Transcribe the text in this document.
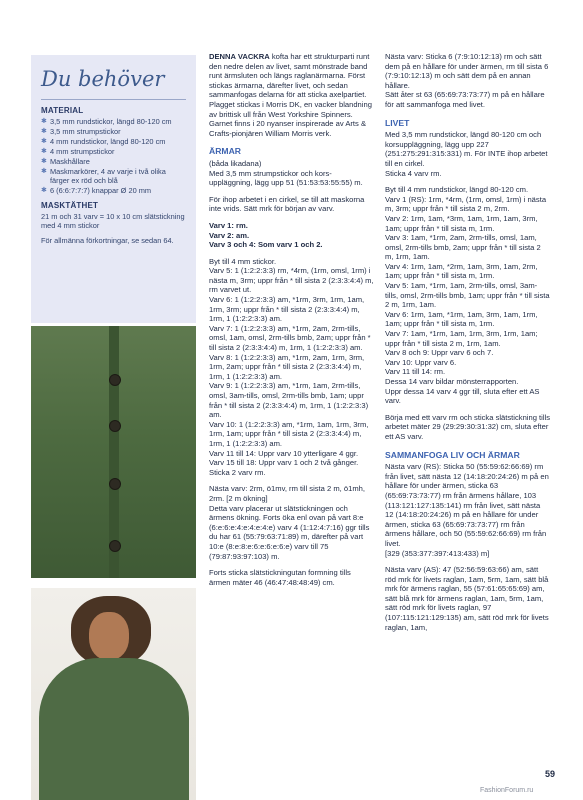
Du behöver
MATERIAL
✱ 3,5 mm rundstickor, längd 80-120 cm
✱ 3,5 mm strumpstickor
✱ 4 mm rundstickor, längd 80-120 cm
✱ 4 mm strumpstickor
✱ Maskhållare
✱ Maskmarkörer, 4 av varje i två olika färger ex röd och blå
✱ 6 (6:6:7:7:7) knappar Ø 20 mm
MASKTÄTHET

21 m och 31 varv = 10 x 10 cm slätstickning med 4 mm stickor

För allmänna förkortningar, se sedan 64.

DENNA VACKRA kofta har ett strukturparti runt den nedre delen av livet, samt mönstrade band runt ärmsluten och längs raglanärmarna. Först stickas ärmarna, därefter livet, och sedan sammanfogas delarna för att sticka axelpartiet. Plagget stickas i Morris DK, en vacker blandning av brittisk ull från West Yorkshire Spinners. Garnet finns i 20 nyanser inspirerade av Arts & Crafts-pionjären William Morris verk.

ÄRMAR

(båda likadana)

Med 3,5 mm strumpstickor och kors-uppläggning, lägg upp 51 (51:53:53:55:55) m.

För ihop arbetet i en cirkel, se till att maskorna inte vrids. Sätt mrk för början av varv.

Varv 1: rm.
Varv 2: am.
Varv 3 och 4: Som varv 1 och 2.

Byt till 4 mm stickor.
Varv 5: 1 (1:2:2:3:3) rm, *4rm, (1rm, omsl, 1rm) i nästa m, 3rm; uppr från * till sista 2 (2:3:3:4:4) m, rm varvet ut.
Varv 6: 1 (1:2:2:3:3) am, *1rm, 3rm, 1rm, 1am, 1rm, 3rm; uppr från * till sista 2 (2:3:3:4:4) m, 1rm, 1 (1:2:2:3:3) am.
Varv 7: 1 (1:2:2:3:3) am, *1rm, 2am, 2rm-tills, omsl, 1am, omsl, 2rm-tills bmb, 2am; uppr från * till sista 2 (2:3:3:4:4) m, 1rm, 1 (1:2:2:3:3) am.
Varv 8: 1 (1:2:2:3:3) am, *1rm, 2am, 1rm, 3rm, 1rm, 2am; uppr från * till sista 2 (2:3:3:4:4) m, 1rm, 1 (1:2:2:3:3) am.
Varv 9: 1 (1:2:2:3:3) am, *1rm, 1am, 2rm-tills, omsl, 3am-tills, omsl, 2rm-tills bmb, 1am; uppr från * till sista 2 (2:3:3:4:4) m, 1rm, 1 (1:2:2:3:3) am.
Varv 10: 1 (1:2:2:3:3) am, *1rm, 1am, 1rm, 3rm, 1rm, 1am; uppr från * till sista 2 (2:3:3:4:4) m, 1rm, 1 (1:2:2:3:3) am.
Varv 11 till 14: Uppr varv 10 ytterligare 4 ggr.
Varv 15 till 18: Uppr varv 1 och 2 två gånger.
Sticka 2 varv rm.

Nästa varv: 2rm, ö1mv, rm till sista 2 m, ö1mh, 2rm. [2 m ökning]
Detta varv placerar ut slätstickningen och ärmens ökning. Forts öka enl ovan på vart 8:e (6:e:6:e:4:e:4:e:4:e) varv 4 (1:12:4:7:16) ggr tills du har 61 (55:79:63:71:89) m, därefter på vart 10:e (8:e:8:e:6:e:6:e:6:e) varv till 75 (79:87:93:97:103) m.

Forts sticka slätstickningutan formning tills ärmen mäter 46 (46:47:48:48:49) cm.

Nästa varv: Sticka 6 (7:9:10:12:13) rm och sätt dem på en hållare för under ärmen, rm till sista 6 (7:9:10:12:13) m och sätt dem på en annan hållare.
Sätt åter st 63 (65:69:73:73:77) m på en hållare för att sammanfoga med livet.

LIVET

Med 3,5 mm rundstickor, längd 80-120 cm och korsuppläggning, lägg upp 227 (251:275:291:315:331) m. För INTE ihop arbetet till en cirkel.
Sticka 4 varv rm.

Byt till 4 mm rundstickor, längd 80-120 cm.
Varv 1 (RS): 1rm, *4rm, (1rm, omsl, 1rm) i nästa m, 3rm; uppr från * till sista 2 m, 2rm.
Varv 2: 1rm, 1am, *3rm, 1am, 1rm, 1am, 3rm, 1am; uppr från * till sista m, 1rm.
Varv 3: 1am, *1rm, 2am, 2rm-tills, omsl, 1am, omsl, 2rm-tills bmb, 2am; uppr från * till sista 2 m, 1rm, 1am.
Varv 4: 1rm, 1am, *2rm, 1am, 3rm, 1am, 2rm, 1am; uppr från * till sista m, 1rm.
Varv 5: 1am, *1rm, 1am, 2rm-tills, omsl, 3am-tills, omsl, 2rm-tills bmb, 1am; uppr från * till sista 2 m, 1rm, 1am.
Varv 6: 1rm, 1am, *1rm, 1am, 3rm, 1am, 1rm, 1am; uppr från * till sista m, 1rm.
Varv 7: 1am, *1rm, 1am, 1rm, 3rm, 1rm, 1am; uppr från * till sista 2 m, 1rm, 1am.
Varv 8 och 9: Uppr varv 6 och 7.
Varv 10: Uppr varv 6.
Varv 11 till 14: rm.
Dessa 14 varv bildar mönsterrapporten.
Uppr dessa 14 varv 4 ggr till, sluta efter ett AS varv.

Börja med ett varv rm och sticka slätstickning tills arbetet mäter 29 (29:29:30:31:32) cm, sluta efter ett AS varv.

SAMMANFOGA LIV OCH ÄRMAR

Nästa varv (RS): Sticka 50 (55:59:62:66:69) rm från livet, sätt nästa 12 (14:18:20:24:26) m på en hållare för under ärmen, sticka 63 (65:69:73:73:77) rm från ärmens hållare, 103 (113:121:127:135:141) rm från livet, sätt nästa 12 (14:18:20:24:26) m på en hållare för under ärmen, sticka 63 (65:69:73:73:77) rm från ärmens hållare, och 50 (55:59:62:66:69) rm från livet.
[329 (353:377:397:413:433) m]

Nästa varv (AS): 47 (52:56:59:63:66) am, sätt röd mrk för livets raglan, 1am, 5rm, 1am, sätt blå mrk för ärmens raglan, 55 (57:61:65:65:69) am, sätt blå mrk för ärmens raglan, 1am, 5rm, 1am, sätt röd mrk för livets raglan, 97 (107:115:121:129:135) am, sätt röd mrk för livets raglan, 1am,

59
FashionForum.ru
